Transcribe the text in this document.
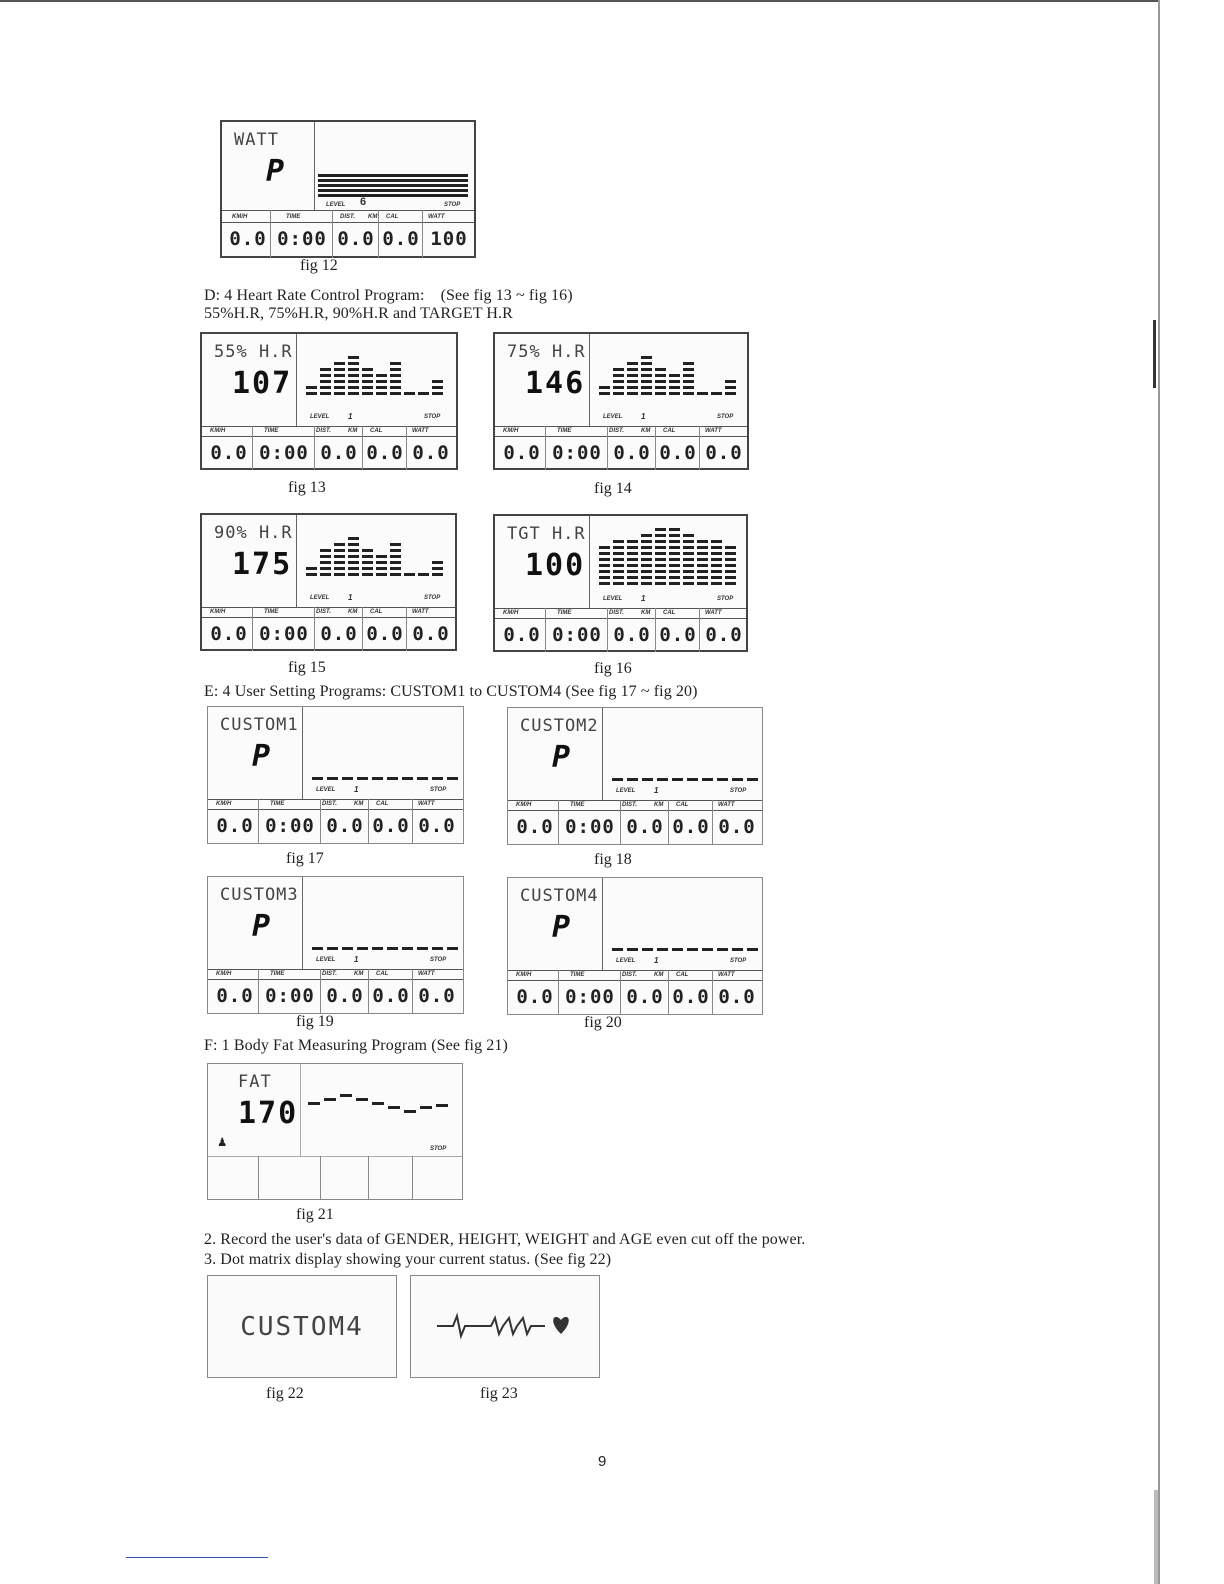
WATT
P
LEVEL 6	STOP
KM/H	TIME	DIST. KM CAL	WATT
0.0 0:00 0.0 0.0 100
fig 12
D: 4 Heart Rate Control Program:　(See fig 13 ~ fig 16)
55%H.R, 75%H.R, 90%H.R and TARGET H.R
55% H.R
107
LEVEL 1	STOP
KM/H	TIME	DIST.	KM CAL	WATT
0.0 0:00 0.0 0.0 0.0
75% H.R
146
LEVEL 1	STOP
KM/H	TIME	DIST.	KM CAL	WATT
0.0 0:00 0.0 0.0 0.0
90% H.R
175
LEVEL 1	STOP
KM/H	TIME	DIST.	KM CAL	WATT
0.0 0:00 0.0 0.0 0.0
TGT H.R
100
LEVEL 1	STOP
KM/H	TIME	DIST.	KM CAL	WATT
0.0 0:00 0.0 0.0 0.0
CUSTOM1
P
LEVEL 1	STOP
KM/H	TIME	DIST.	KM CAL	WATT
0.0 0:00 0.0 0.0 0.0
CUSTOM2
P
LEVEL 1	STOP
KM/H	TIME	DIST.	KM CAL	WATT
0.0 0:00 0.0 0.0 0.0
CUSTOM3
P
LEVEL 1	STOP
KM/H	TIME	DIST.	KM CAL	WATT
0.0 0:00 0.0 0.0 0.0
CUSTOM4
P
LEVEL 1	STOP
KM/H	TIME	DIST.	KM CAL	WATT
0.0 0:00 0.0 0.0 0.0
fig 13	fig 14
fig 15	fig 16
E: 4 User Setting Programs: CUSTOM1 to CUSTOM4 (See fig 17 ~ fig 20)
fig 17	fig 18
fig 19	fig 20
F: 1 Body Fat Measuring Program (See fig 21)
FAT
170
♟	STOP
fig 21
2. Record the user's data of GENDER, HEIGHT, WEIGHT and AGE even cut off the power.
3. Dot matrix display showing your current status. (See fig 22)
CUSTOM4
fig 22	fig 23
9
